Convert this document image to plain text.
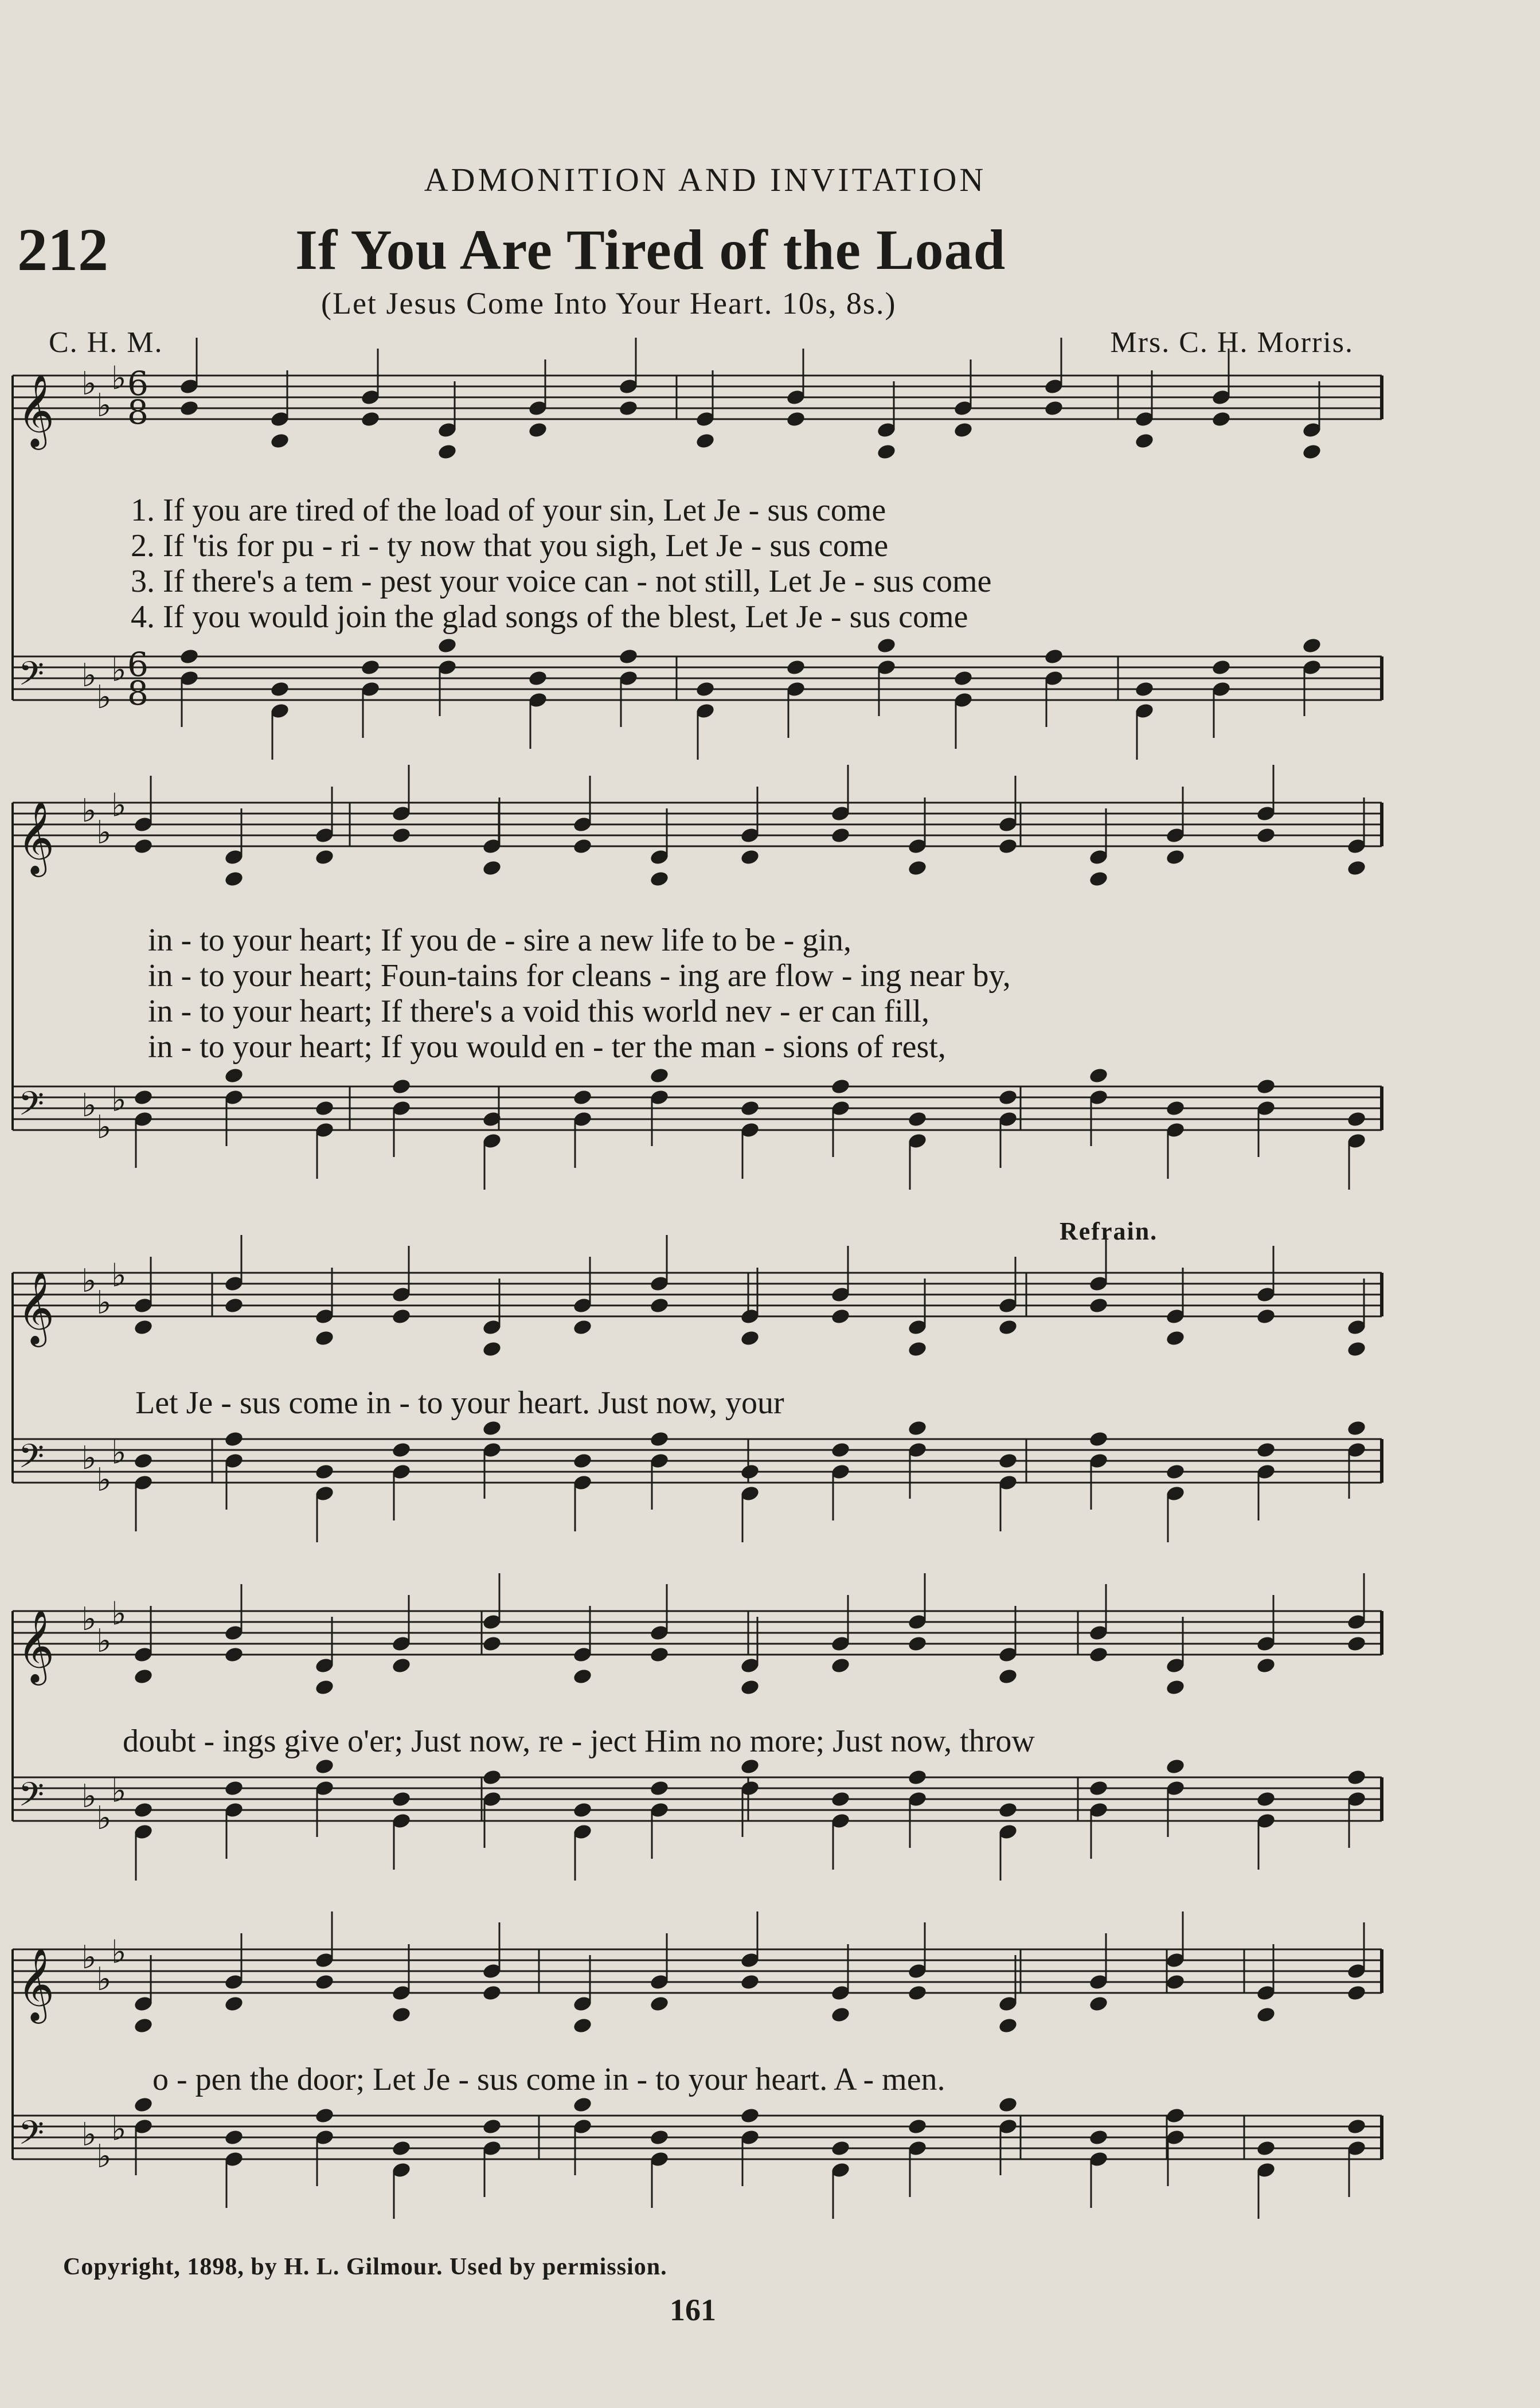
ADMONITION AND INVITATION
212	If You Are Tired of the Load
(Let Jesus Come Into Your Heart. 10s, 8s.)
C. H. M.	Mrs. C. H. Morris.
𝄞 ♭
♭
♭ 6
8
𝄢 ♭
♭
♭ 6
8
𝄞 ♭
♭
♭
𝄢 ♭
♭
♭
𝄞 ♭
♭
♭
𝄢 ♭
♭
♭
𝄞 ♭
♭
♭
𝄢 ♭
♭
♭
𝄞 ♭
♭
♭
𝄢 ♭
♭
♭
1. If you are tired of the load of your sin, Let Je - sus come
2. If 'tis for pu - ri - ty now that you sigh, Let Je - sus come
3. If there's a tem - pest your voice can - not still, Let Je - sus come
4. If you would join the glad songs of the blest, Let Je - sus come
in - to your heart; If you de - sire a new life to be - gin,
in - to your heart; Foun-tains for cleans - ing are flow - ing near by,
in - to your heart; If there's a void this world nev - er can fill,
in - to your heart; If you would en - ter the man - sions of rest,
Refrain.
Let Je - sus come in - to your heart. Just now, your
doubt - ings give o'er; Just now, re - ject Him no more; Just now, throw
o - pen the door; Let Je - sus come in - to your heart. A - men.
Copyright, 1898, by H. L. Gilmour. Used by permission.
161
